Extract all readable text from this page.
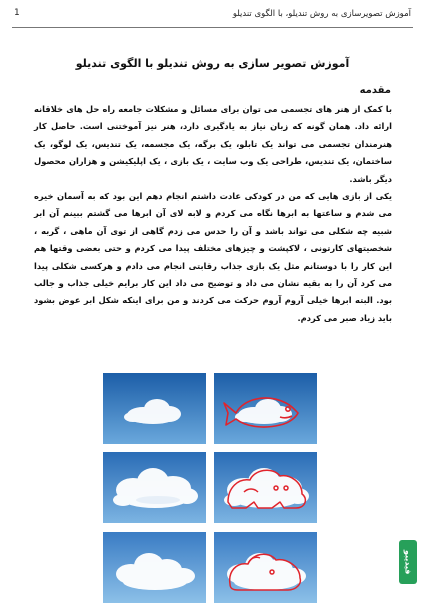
آموزش تصویرسازی به روش تندیلو، با الگوی تندیلو
1
آموزش تصویر سازی به روش تندیلو با الگوی تندیلو
مقدمه

با کمک از هنر های تجسمی می توان برای مسائل و مشکلات جامعه راه حل های خلاقانه ارائه داد. همان گونه که زبان نیاز به یادگیری دارد، هنر نیز آموختنی است. حاصل کار هنرمندان تجسمی می تواند یک تابلو، یک برگه، یک مجسمه، یک تندیس، یک لوگو، یک ساختمان، یک تندیس، طراحی یک وب سایت ، یک بازی ، یک اپلیکیشن و هزاران محصول دیگر باشد.

یکی از بازی هایی که من در کودکی عادت داشتم انجام دهم این بود که به آسمان خیره می شدم و ساعتها به ابرها نگاه می کردم و لابه لای آن ابرها می گشتم ببینم آن ابر شبیه چه شکلی می تواند باشد و آن را حدس می زدم گاهی از توی آن ماهی ، گربه ، شخصیتهای کارتونی ، لاکپشت و چیزهای مختلف پیدا می کردم و حتی بعضی وقتها هم این کار را با دوستانم مثل یک بازی جذاب رقابتی انجام می دادم و هرکسی شکلی پیدا می کرد آن را به بقیه نشان می داد و توضیح می داد این کار برایم خیلی جذاب و جالب بود. البته ابرها خیلی آروم آروم حرکت می کردند و من برای اینکه شکل ابر عوض بشود باید زیاد صبر می کردم.

فیدیبو
